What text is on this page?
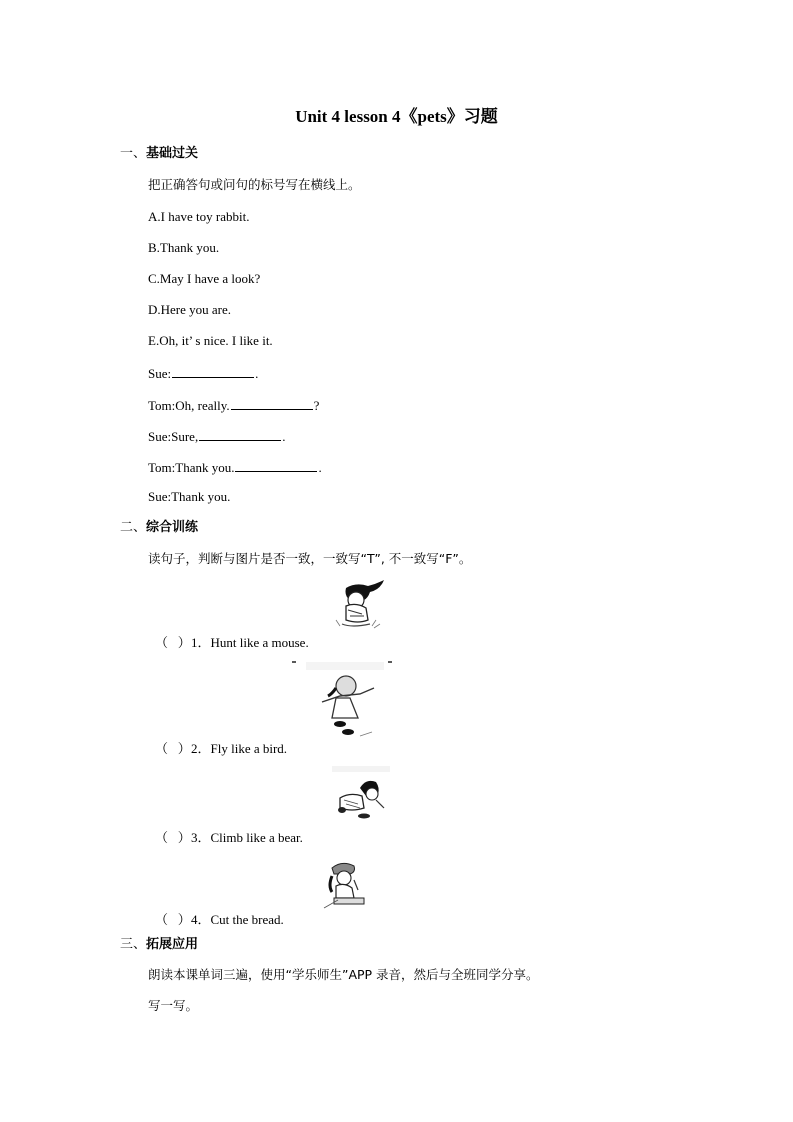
Unit 4 lesson 4《pets》习题
一、基础过关
把正确答句或问句的标号写在横线上。
A.I have toy rabbit.
B.Thank you.
C.May I have a look?
D.Here you are.
E.Oh, it’ s nice. I like it.
Sue:	.
Tom:Oh, really.	?
Sue:Sure,	.
Tom:Thank you.	.
Sue:Thank you.
二、综合训练
读句子，判断与图片是否一致，一致写“T”, 不一致写“F”。
（ ）1．Hunt like a mouse.
（ ）2．Fly like a bird.
（ ）3．Climb like a bear.
（ ）4．Cut the bread.
三、拓展应用
朗读本课单词三遍，使用“学乐师生”APP 录音，然后与全班同学分享。
写一写。
